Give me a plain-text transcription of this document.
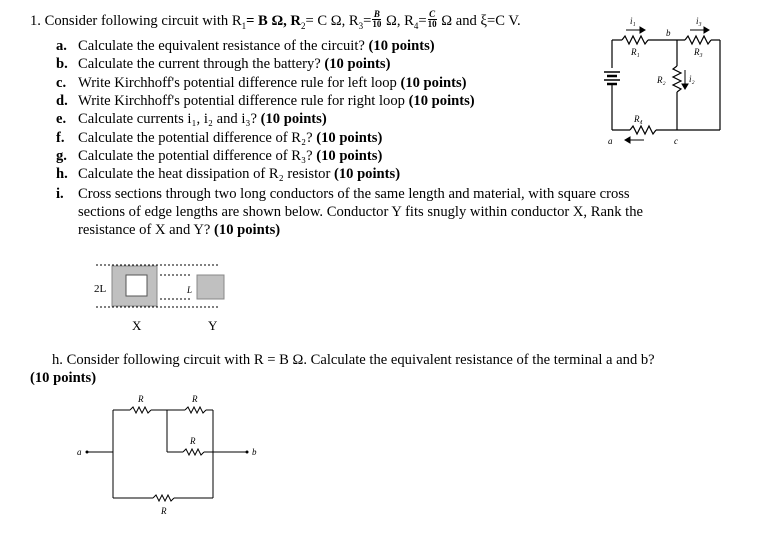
1. Consider following circuit with $R_1= B$ Ω, $R_2= C$ Ω, $R_3= \frac{B}{10} \Omega$, $R_4= \frac{C}{10}$ Ω and ξ=C V.
a. Calculate the equivalent resistance of the circuit? (10 points)
b. Calculate the current through the battery? (10 points)
c. Write Kirchhoff's potential difference rule for left loop (10 points)
d. Write Kirchhoff's potential difference rule for right loop (10 points)
e. Calculate currents i₁, i₂ and i₃? (10 points)
f. Calculate the potential difference of R₂? (10 points)
g. Calculate the potential difference of R₃? (10 points)
h. Calculate the heat dissipation of R₂ resistor (10 points)
i. Cross sections through two long conductors of the same length and material, with square cross
sections of edge lengths are shown below. Conductor Y fits snugly within conductor X, Rank the
resistance of X and Y? (10 points)
i₁	i₃
i₂
b
c
a
R₁	R₃
R₂
R₄
2L	L
X	Y
h. Consider following circuit with R = B Ω. Calculate the equivalent resistance of the terminal a and b?
(10 points)
R	R
R
R
a	b
